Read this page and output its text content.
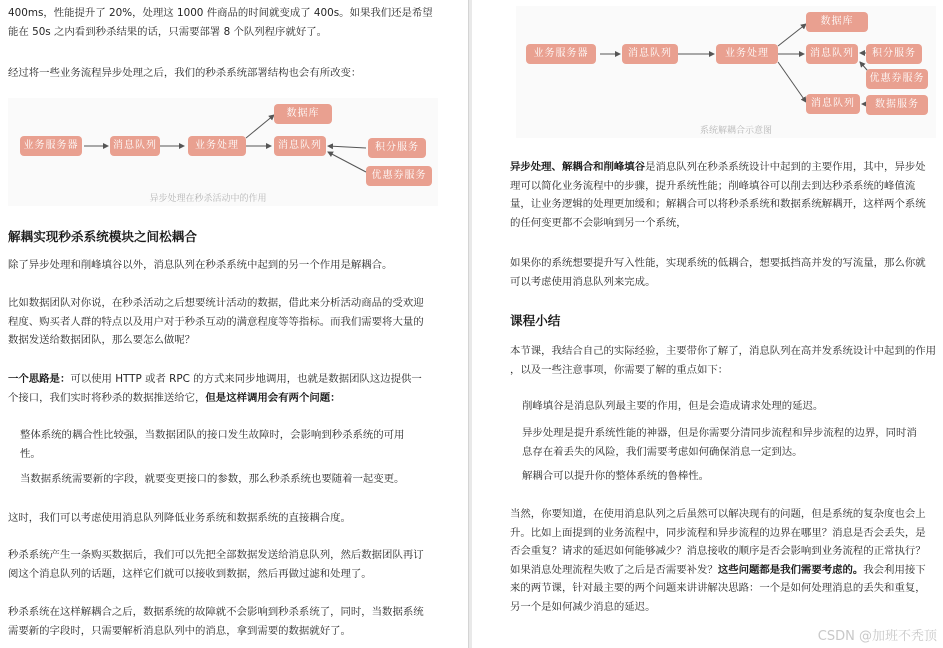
400ms，性能提升了 20%，处理这 1000 件商品的时间就变成了 400s。如果我们还是希望
能在 50s 之内看到秒杀结果的话，只需要部署 8 个队列程序就好了。

经过将一些业务流程异步处理之后，我们的秒杀系统部署结构也会有所改变：

业务服务器	消息队列	业务处理
数据库
消息队列	积分服务
优惠券服务
异步处理在秒杀活动中的作用
解耦实现秒杀系统模块之间松耦合

除了异步处理和削峰填谷以外，消息队列在秒杀系统中起到的另一个作用是解耦合。

比如数据团队对你说，在秒杀活动之后想要统计活动的数据，借此来分析活动商品的受欢迎
程度、购买者人群的特点以及用户对于秒杀互动的满意程度等等指标。而我们需要将大量的
数据发送给数据团队，那么要怎么做呢？

一个思路是：可以使用 HTTP 或者 RPC 的方式来同步地调用，也就是数据团队这边提供一
个接口，我们实时将秒杀的数据推送给它，但是这样调用会有两个问题：

整体系统的耦合性比较强，当数据团队的接口发生故障时，会影响到秒杀系统的可用
性。
当数据系统需要新的字段，就要变更接口的参数，那么秒杀系统也要随着一起变更。

这时，我们可以考虑使用消息队列降低业务系统和数据系统的直接耦合度。

秒杀系统产生一条购买数据后，我们可以先把全部数据发送给消息队列，然后数据团队再订
阅这个消息队列的话题，这样它们就可以接收到数据，然后再做过滤和处理了。

秒杀系统在这样解耦合之后，数据系统的故障就不会影响到秒杀系统了，同时，当数据系统
需要新的字段时，只需要解析消息队列中的消息，拿到需要的数据就好了。

业务服务器	消息队列	业务处理
数据库
消息队列	积分服务
优惠券服务
消息队列	数据服务
系统解耦合示意图

异步处理、解耦合和削峰填谷是消息队列在秒杀系统设计中起到的主要作用，其中，异步处
理可以简化业务流程中的步骤，提升系统性能；削峰填谷可以削去到达秒杀系统的峰值流
量，让业务逻辑的处理更加缓和；解耦合可以将秒杀系统和数据系统解耦开，这样两个系统
的任何变更都不会影响到另一个系统，

如果你的系统想要提升写入性能，实现系统的低耦合，想要抵挡高并发的写流量，那么你就
可以考虑使用消息队列来完成。

课程小结

本节课，我结合自己的实际经验，主要带你了解了，消息队列在高并发系统设计中起到的作用
，以及一些注意事项，你需要了解的重点如下：

削峰填谷是消息队列最主要的作用，但是会造成请求处理的延迟。
异步处理是提升系统性能的神器，但是你需要分清同步流程和异步流程的边界，同时消
息存在着丢失的风险，我们需要考虑如何确保消息一定到达。
解耦合可以提升你的整体系统的鲁棒性。

当然，你要知道，在使用消息队列之后虽然可以解决现有的问题，但是系统的复杂度也会上
升。比如上面提到的业务流程中，同步流程和异步流程的边界在哪里？消息是否会丢失，是
否会重复？请求的延迟如何能够减少？消息接收的顺序是否会影响到业务流程的正常执行？
如果消息处理流程失败了之后是否需要补发？这些问题都是我们需要考虑的。我会利用接下
来的两节课，针对最主要的两个问题来讲讲解决思路：一个是如何处理消息的丢失和重复，
另一个是如何减少消息的延迟。

CSDN @加班不秃顶
